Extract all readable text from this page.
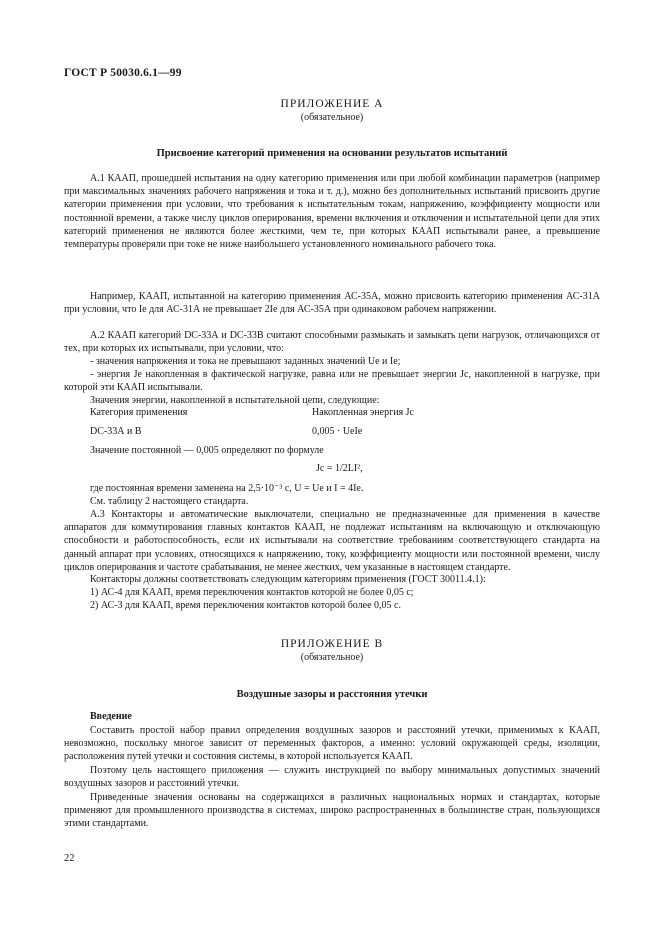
ГОСТ Р 50030.6.1—99
ПРИЛОЖЕНИЕ А
(обязательное)
Присвоение категорий применения на основании результатов испытаний
А.1 КААП, прошедшей испытания на одну категорию применения или при любой комбинации параметров (например при максимальных значениях рабочего напряжения и тока и т. д.), можно без дополнительных испытаний присвоить другие категории применения при условии, что требования к испытательным токам, напряжению, коэффициенту мощности или постоянной времени, а также числу циклов оперирования, времени включения и отключения и испытательной цепи для этих категорий применения не являются более жесткими, чем те, при которых КААП испытывали ранее, а превышение температуры проверяли при токе не ниже наибольшего установленного номинального рабочего тока.
Например, КААП, испытанной на категорию применения АС-35А, можно присвоить категорию применения АС-31А при условии, что Iе для АС-31А не превышает 2Iе для АС-35А при одинаковом рабочем напряжении.
А.2 КААП категорий DC-33А и DC-33В считают способными размыкать и замыкать цепи нагрузок, отличающихся от тех, при которых их испытывали, при условии, что:
- значения напряжения и тока не превышают заданных значений Uе и Iе;
- энергия Jе накопленная в фактической нагрузке, равна или не превышает энергии Jс, накопленной в нагрузке, при которой эти КААП испытывали.
Значения энергии, накопленной в испытательной цепи, следующие:
Категория применения	Накопленная энергия Jс
DC-33А и В	0,005 · UеIе
Значение постоянной — 0,005 определяют по формуле
Jс = 1/2LI²,
где постоянная времени заменена на 2,5·10⁻³ с, U = Uе и I = 4Iе.
См. таблицу 2 настоящего стандарта.
А.3 Контакторы и автоматические выключатели, специально не предназначенные для применения в качестве аппаратов для коммутирования главных контактов КААП, не подлежат испытаниям на включающую и отключающую способности и работоспособность, если их испытывали на соответствие требованиям соответствующего стандарта на данный аппарат при условиях, относящихся к напряжению, току, коэффициенту мощности или постоянной времени, числу циклов оперирования и частоте срабатывания, не менее жестких, чем указанные в настоящем стандарте.
Контакторы должны соответствовать следующим категориям применения (ГОСТ 30011.4.1):
1) АС-4 для КААП, время переключения контактов которой не более 0,05 с;
2) АС-3 для КААП, время переключения контактов которой более 0,05 с.
ПРИЛОЖЕНИЕ В
(обязательное)
Воздушные зазоры и расстояния утечки
Введение
Составить простой набор правил определения воздушных зазоров и расстояний утечки, применимых к КААП, невозможно, поскольку многое зависит от переменных факторов, а именно: условий окружающей среды, изоляции, расположения путей утечки и состояния системы, в которой используется КААП.
Поэтому цель настоящего приложения — служить инструкцией по выбору минимальных допустимых значений воздушных зазоров и расстояний утечки.
Приведенные значения основаны на содержащихся в различных национальных нормах и стандартах, которые применяют для промышленного производства в системах, широко распространенных в большинстве стран, пользующихся этими стандартами.
22
